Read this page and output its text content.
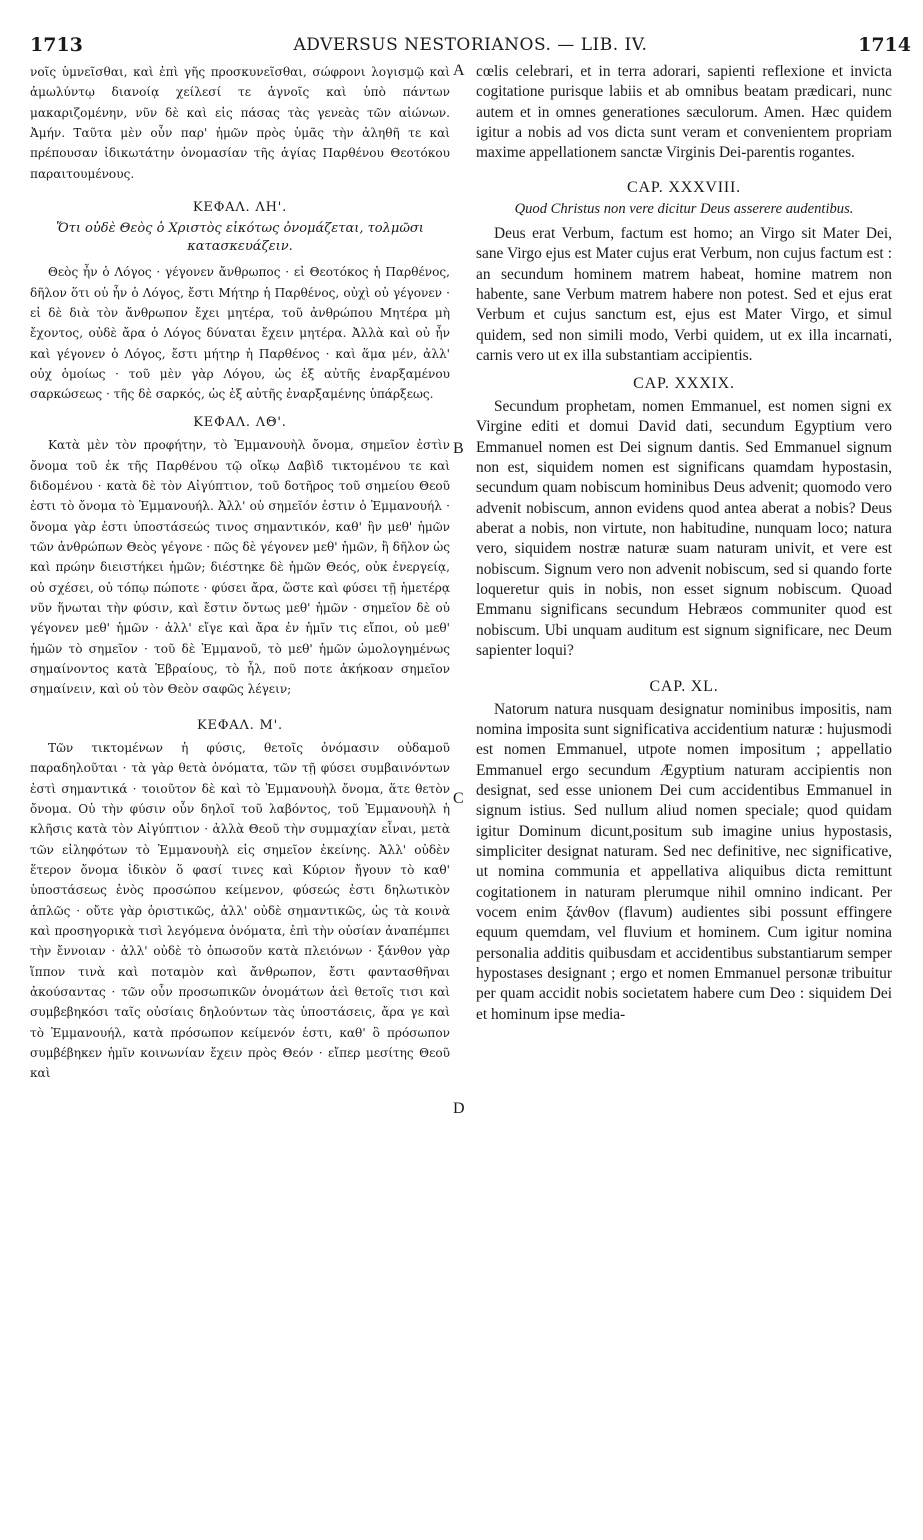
1713	ADVERSUS NESTORIANOS. — LIB. IV.	1714

νοῖς ὑμνεῖσθαι, καὶ ἐπὶ γῆς προσκυνεῖσθαι, σώφρονι λογισμῷ καὶ ἀμωλύντῳ διανοίᾳ χείλεσί τε ἁγνοῖς καὶ ὑπὸ πάντων μακαριζομένην, νῦν δὲ καὶ εἰς πάσας τὰς γενεὰς τῶν αἰώνων. Ἀμήν. Ταῦτα μὲν οὖν παρ' ἡμῶν πρὸς ὑμᾶς τὴν ἀληθῆ τε καὶ πρέπουσαν ἰδικωτάτην ὀνομασίαν τῆς ἁγίας Παρθένου Θεοτόκου παραιτουμένους.

ΚΕΦΑΛ. ΛΗ'.
Ὅτι οὐδὲ Θεὸς ὁ Χριστὸς εἰκότως ὀνομάζεται, τολμῶσι κατασκευάζειν.

Θεὸς ἦν ὁ Λόγος · γέγονεν ἄνθρωπος · εἰ Θεοτόκος ἡ Παρθένος, δῆλον ὅτι οὐ ἦν ὁ Λόγος, ἔστι Μήτηρ ἡ Παρθένος, οὐχὶ οὐ γέγονεν · εἰ δὲ διὰ τὸν ἄνθρωπον ἔχει μητέρα, τοῦ ἀνθρώπου Μητέρα μὴ ἔχοντος, οὐδὲ ἄρα ὁ Λόγος δύναται ἔχειν μητέρα. Ἀλλὰ καὶ οὐ ἦν καὶ γέγονεν ὁ Λόγος, ἔστι μήτηρ ἡ Παρθένος · καὶ ἅμα μέν, ἀλλ' οὐχ ὁμοίως · τοῦ μὲν γὰρ Λόγου, ὡς ἐξ αὐτῆς ἐναρξαμένου σαρκώσεως · τῆς δὲ σαρκός, ὡς ἐξ αὐτῆς ἐναρξαμένης ὑπάρξεως.

ΚΕΦΑΛ. ΛΘ'.

Κατὰ μὲν τὸν προφήτην, τὸ Ἐμμανουὴλ ὄνομα, σημεῖον ἐστὶν ὄνομα τοῦ ἐκ τῆς Παρθένου τῷ οἴκῳ Δαβὶδ τικτομένου τε καὶ διδομένου · κατὰ δὲ τὸν Αἰγύπτιον, τοῦ δοτῆρος τοῦ σημείου Θεοῦ ἐστι τὸ ὄνομα τὸ Ἐμμανουήλ. Ἀλλ' οὐ σημεῖόν ἐστιν ὁ Ἐμμανουήλ · ὄνομα γὰρ ἐστι ὑποστάσεώς τινος σημαντικόν, καθ' ἣν μεθ' ἡμῶν τῶν ἀνθρώπων Θεὸς γέγονε · πῶς δὲ γέγονεν μεθ' ἡμῶν, ἢ δῆλον ὡς καὶ πρώην διειστήκει ἡμῶν; διέστηκε δὲ ἡμῶν Θεός, οὐκ ἐνεργείᾳ, οὐ σχέσει, οὐ τόπῳ πώποτε · φύσει ἄρα, ὥστε καὶ φύσει τῇ ἡμετέρᾳ νῦν ἥνωται τὴν φύσιν, καὶ ἔστιν ὄντως μεθ' ἡμῶν · σημεῖον δὲ οὐ γέγονεν μεθ' ἡμῶν · ἀλλ' εἴγε καὶ ἄρα ἐν ἡμῖν τις εἴποι, οὐ μεθ' ἡμῶν τὸ σημεῖον · τοῦ δὲ Ἐμμανοῦ, τὸ μεθ' ἡμῶν ὡμολογημένως σημαίνοντος κατὰ Ἑβραίους, τὸ ἦλ, ποῦ ποτε ἀκήκοαν σημεῖον σημαίνειν, καὶ οὐ τὸν Θεὸν σαφῶς λέγειν;

ΚΕΦΑΛ. Μ'.

Τῶν τικτομένων ἡ φύσις, θετοῖς ὀνόμασιν οὐδαμοῦ παραδηλοῦται · τὰ γὰρ θετὰ ὀνόματα, τῶν τῇ φύσει συμβαινόντων ἐστὶ σημαντικά · τοιοῦτον δὲ καὶ τὸ Ἐμμανουὴλ ὄνομα, ἅτε θετὸν ὄνομα. Οὐ τὴν φύσιν οὖν δηλοῖ τοῦ λαβόντος, τοῦ Ἐμμανουὴλ ἡ κλῆσις κατὰ τὸν Αἰγύπτιον · ἀλλὰ Θεοῦ τὴν συμμαχίαν εἶναι, μετὰ τῶν εἰληφότων τὸ Ἐμμανουὴλ εἰς σημεῖον ἐκείνης. Ἀλλ' οὐδὲν ἕτερον ὄνομα ἰδικὸν ὅ φασί τινες καὶ Κύριον ἤγουν τὸ καθ' ὑποστάσεως ἑνὸς προσώπου κείμενον, φύσεώς ἐστι δηλωτικὸν ἁπλῶς · οὔτε γὰρ ὁριστικῶς, ἀλλ' οὐδὲ σημαντικῶς, ὡς τὰ κοινὰ καὶ προσηγορικὰ τισὶ λεγόμενα ὀνόματα, ἐπὶ τὴν οὐσίαν ἀναπέμπει τὴν ἔννοιαν · ἀλλ' οὐδὲ τὸ ὁπωσοῦν κατὰ πλειόνων · ξάνθον γὰρ ἵππον τινὰ καὶ ποταμὸν καὶ ἄνθρωπον, ἔστι φαντασθῆναι ἀκούσαντας · τῶν οὖν προσωπικῶν ὀνομάτων ἀεὶ θετοῖς τισι καὶ συμβεβηκόσι ταῖς οὐσίαις δηλούντων τὰς ὑποστάσεις, ἄρα γε καὶ τὸ Ἐμμανουήλ, κατὰ πρόσωπον κείμενόν ἐστι, καθ' ὃ πρόσωπον συμβέβηκεν ἡμῖν κοινωνίαν ἔχειν πρὸς Θεόν · εἴπερ μεσίτης Θεοῦ καὶ

A
B
C
D

cœlis celebrari, et in terra adorari, sapienti reflexione et invicta cogitatione purisque labiis et ab omnibus beatam prædicari, nunc autem et in omnes generationes sæculorum. Amen. Hæc quidem igitur a nobis ad vos dicta sunt veram et convenientem propriam maxime appellationem sanctæ Virginis Dei-parentis rogantes.

CAP. XXXVIII.
Quod Christus non vere dicitur Deus asserere audentibus.

Deus erat Verbum, factum est homo; an Virgo sit Mater Dei, sane Virgo ejus est Mater cujus erat Verbum, non cujus factum est : an secundum hominem matrem habeat, homine matrem non habente, sane Verbum matrem habere non potest. Sed et ejus erat Verbum et cujus sanctum est, ejus est Mater Virgo, et simul quidem, sed non simili modo, Verbi quidem, ut ex illa incarnati, carnis vero ut ex illa substantiam accipientis.

CAP. XXXIX.

Secundum prophetam, nomen Emmanuel, est nomen signi ex Virgine editi et domui David dati, secundum Egyptium vero Emmanuel nomen est Dei signum dantis. Sed Emmanuel signum non est, siquidem nomen est significans quamdam hypostasin, secundum quam nobiscum hominibus Deus advenit; quomodo vero advenit nobiscum, annon evidens quod antea aberat a nobis? Deus aberat a nobis, non virtute, non habitudine, nunquam loco; natura vero, siquidem nostræ naturæ suam naturam univit, et vere est nobiscum. Signum vero non advenit nobiscum, sed si quando forte loqueretur quis in nobis, non esset signum nobiscum. Quoad Emmanu significans secundum Hebræos communiter quod est nobiscum. Ubi unquam auditum est signum significare, nec Deum sapienter loqui?

CAP. XL.

Natorum natura nusquam designatur nominibus impositis, nam nomina imposita sunt significativa accidentium naturæ : hujusmodi est nomen Emmanuel, utpote nomen impositum ; appellatio Emmanuel ergo secundum Ægyptium naturam accipientis non designat, sed esse unionem Dei cum accidentibus Emmanuel in signum istius. Sed nullum aliud nomen speciale; quod quidam igitur Dominum dicunt,positum sub imagine unius hypostasis, simpliciter designat naturam. Sed nec definitive, nec significative, ut nomina communia et appellativa aliquibus dicta remittunt cogitationem in naturam plerumque nihil omnino indicant. Per vocem enim ξάνθον (flavum) audientes sibi possunt effingere equum quemdam, vel fluvium et hominem. Cum igitur nomina personalia additis quibusdam et accidentibus substantiarum semper hypostases designant ; ergo et nomen Emmanuel personæ tribuitur per quam accidit nobis societatem habere cum Deo : siquidem Dei et hominum ipse media-
